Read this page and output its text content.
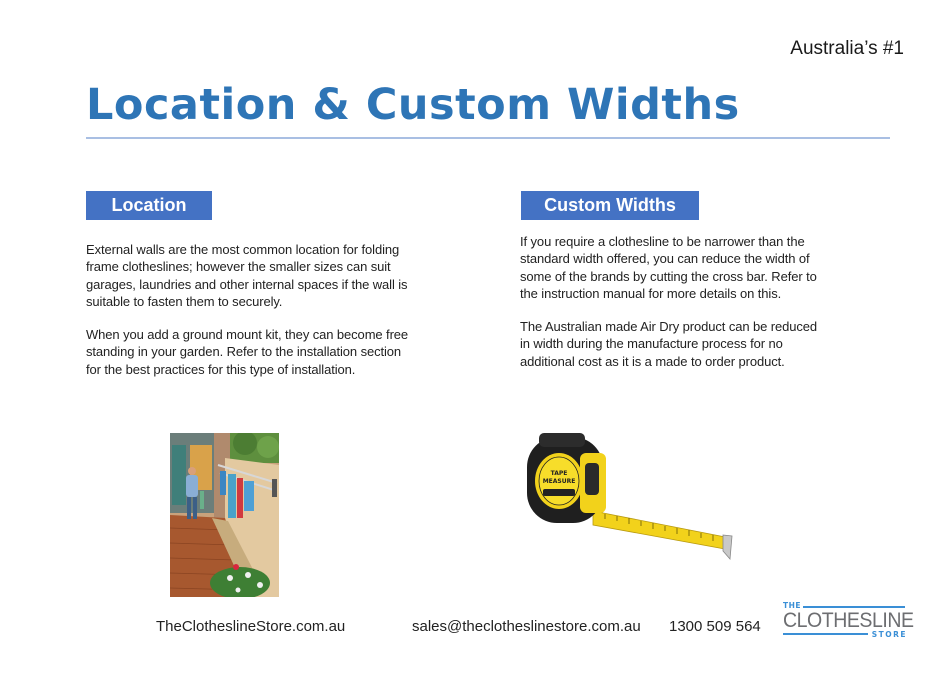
Australia’s #1
Location & Custom Widths
Location

External walls are the most common location for folding frame clotheslines; however the smaller sizes can suit garages, laundries and other internal spaces if the wall is suitable to fasten them to securely.

When you add a ground mount kit, they can become free standing in your garden. Refer to the installation section for the best practices for this type of installation.

Custom Widths

If you require a clothesline to be narrower than the standard width offered, you can reduce the width of some of the brands by cutting the cross bar. Refer to the instruction manual for more details on this.

The Australian made Air Dry product can be reduced in width during the manufacture process for no additional cost as it is a made to order product.

TAPE
MEASURE
TheClotheslineStore.com.au	sales@theclotheslinestore.com.au 1300 509 564
THE
CLOTHESLINE
STORE
